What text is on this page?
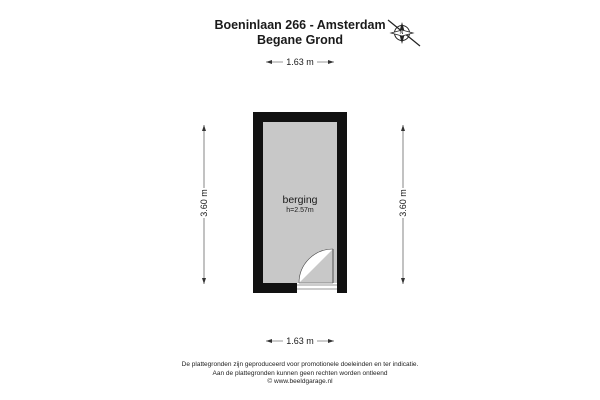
Boeninlaan 266 - Amsterdam
Begane Grond	N
1.63 m
1.63 m
3.60 m	3.60 m
berging
h=2.57m
De plattegronden zijn geproduceerd voor promotionele doeleinden en ter indicatie.
Aan de plattegronden kunnen geen rechten worden ontleend
© www.beeldgarage.nl
